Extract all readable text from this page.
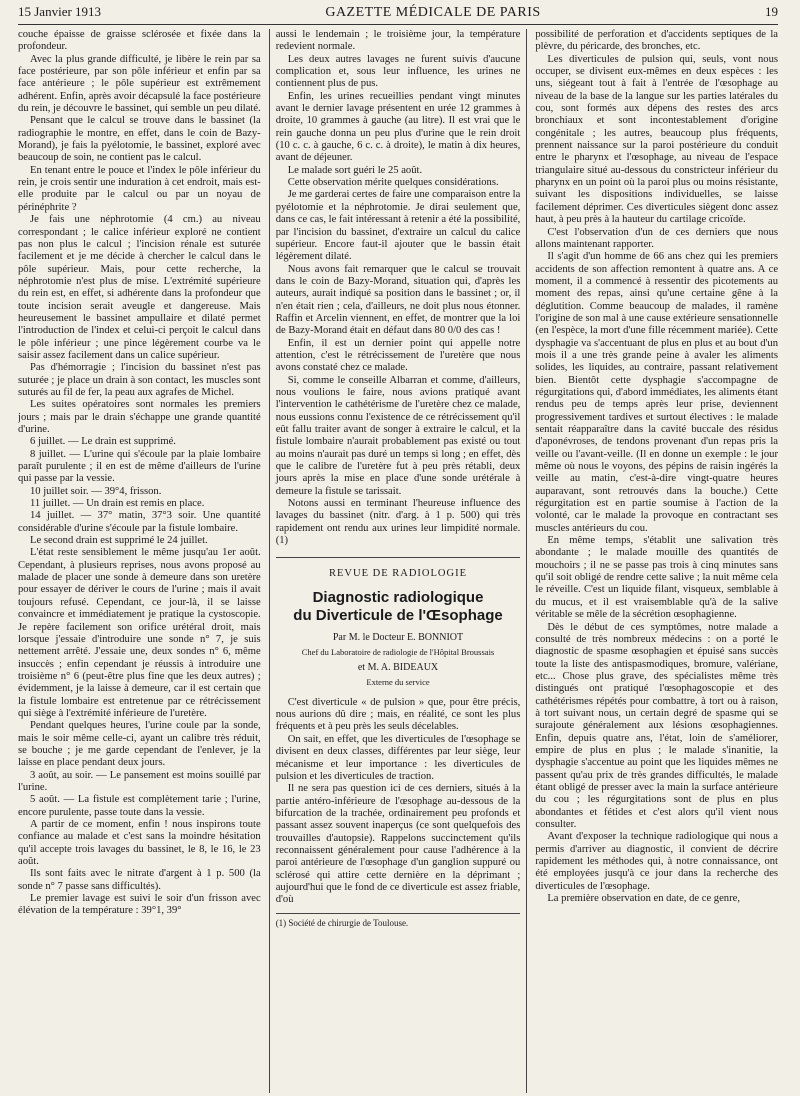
15 Janvier 1913	GAZETTE MÉDICALE DE PARIS	19

couche épaisse de graisse sclérosée et fixée dans la profondeur.

Avec la plus grande difficulté, je libère le rein par sa face postérieure, par son pôle inférieur et enfin par sa face antérieure ; le pôle supérieur est extrêmement adhérent. Enfin, après avoir décapsulé la face postérieure du rein, je découvre le bassinet, qui semble un peu dilaté.

Pensant que le calcul se trouve dans le bassinet (la radiographie le montre, en effet, dans le coin de Bazy-Morand), je fais la pyélotomie, le bassinet, exploré avec beaucoup de soin, ne contient pas le calcul.

En tenant entre le pouce et l'index le pôle inférieur du rein, je crois sentir une induration à cet endroit, mais est-elle produite par le calcul ou par un noyau de périnéphrite ?

Je fais une néphrotomie (4 cm.) au niveau correspondant ; le calice inférieur exploré ne contient pas non plus le calcul ; l'incision rénale est suturée facilement et je me décide à chercher le calcul dans le pôle supérieur. Mais, pour cette recherche, la néphrotomie n'est plus de mise. L'extrémité supérieure du rein est, en effet, si adhérente dans la profondeur que toute incision serait aveugle et dangereuse. Mais heureusement le bassinet ampullaire et dilaté permet l'introduction de l'index et celui-ci perçoit le calcul dans le pôle inférieur ; une pince légèrement courbe va le saisir assez facilement dans un calice supérieur.

Pas d'hémorragie ; l'incision du bassinet n'est pas suturée ; je place un drain à son contact, les muscles sont suturés au fil de fer, la peau aux agrafes de Michel.

Les suites opératoires sont normales les premiers jours ; mais par le drain s'échappe une grande quantité d'urine.

6 juillet. — Le drain est supprimé.

8 juillet. — L'urine qui s'écoule par la plaie lombaire paraît purulente ; il en est de même d'ailleurs de l'urine qui passe par la vessie.

10 juillet soir. — 39°4, frisson.

11 juillet. — Un drain est remis en place.

14 juillet. — 37° matin, 37°3 soir. Une quantité considérable d'urine s'écoule par la fistule lombaire.

Le second drain est supprimé le 24 juillet.

L'état reste sensiblement le même jusqu'au 1er août. Cependant, à plusieurs reprises, nous avons proposé au malade de placer une sonde à demeure dans son uretère pour essayer de dériver le cours de l'urine ; mais il avait toujours refusé. Cependant, ce jour-là, il se laisse convaincre et immédiatement je pratique la cystoscopie. Je repère facilement son orifice urétéral droit, mais lorsque j'essaie d'introduire une sonde n° 7, je suis nettement arrêté. J'essaie une, deux sondes n° 6, même insuccès ; enfin cependant je réussis à introduire une troisième n° 6 (peut-être plus fine que les deux autres) ; évidemment, je la laisse à demeure, car il est certain que la fistule lombaire est entretenue par ce rétrécissement qui siège à l'extrémité inférieure de l'uretère.

Pendant quelques heures, l'urine coule par la sonde, mais le soir même celle-ci, ayant un calibre très réduit, se bouche ; je me garde cependant de l'enlever, je la laisse en place pendant deux jours.

3 août, au soir. — Le pansement est moins souillé par l'urine.

5 août. — La fistule est complètement tarie ; l'urine, encore purulente, passe toute dans la vessie.

A partir de ce moment, enfin ! nous inspirons toute confiance au malade et c'est sans la moindre hésitation qu'il accepte trois lavages du bassinet, le 8, le 16, le 23 août.

Ils sont faits avec le nitrate d'argent à 1 p. 500 (la sonde n° 7 passe sans difficultés).

Le premier lavage est suivi le soir d'un frisson avec élévation de la température : 39°1, 39°

aussi le lendemain ; le troisième jour, la température redevient normale.

Les deux autres lavages ne furent suivis d'aucune complication et, sous leur influence, les urines ne contiennent plus de pus.

Enfin, les urines recueillies pendant vingt minutes avant le dernier lavage présentent en urée 12 grammes à droite, 10 grammes à gauche (au litre). Il est vrai que le rein gauche donna un peu plus d'urine que le rein droit (10 c. c. à gauche, 6 c. c. à droite), le matin à dix heures, avant de déjeuner.

Le malade sort guéri le 25 août.

Cette observation mérite quelques considérations.

Je me garderai certes de faire une comparaison entre la pyélotomie et la néphrotomie. Je dirai seulement que, dans ce cas, le fait intéressant à retenir a été la possibilité, par l'incision du bassinet, d'extraire un calcul du calice supérieur. Encore faut-il ajouter que le bassin était légèrement dilaté.

Nous avons fait remarquer que le calcul se trouvait dans le coin de Bazy-Morand, situation qui, d'après les auteurs, aurait indiqué sa position dans le bassinet ; or, il n'en était rien ; cela, d'ailleurs, ne doit plus nous étonner. Raffin et Arcelin viennent, en effet, de montrer que la loi de Bazy-Morand était en défaut dans 80 0/0 des cas !

Enfin, il est un dernier point qui appelle notre attention, c'est le rétrécissement de l'uretère que nous avons constaté chez ce malade.

Si, comme le conseille Albarran et comme, d'ailleurs, nous voulions le faire, nous avions pratiqué avant l'intervention le cathétérisme de l'uretère chez ce malade, nous eussions connu l'existence de ce rétrécissement qu'il eût fallu traiter avant de songer à extraire le calcul, et la fistule lombaire n'aurait probablement pas existé ou tout au moins n'aurait pas duré un temps si long ; en effet, dès que le calibre de l'uretère fut à peu près rétabli, deux jours après la mise en place d'une sonde urétérale à demeure la fistule se tarissait.

Notons aussi en terminant l'heureuse influence des lavages du bassinet (nitr. d'arg. à 1 p. 500) qui très rapidement ont rendu aux urines leur limpidité normale. (1)

REVUE DE RADIOLOGIE
Diagnostic radiologique
du Diverticule de l'Œsophage
Par M. le Docteur E. BONNIOT
Chef du Laboratoire de radiologie de l'Hôpital Broussais
et M. A. BIDEAUX
Externe du service

C'est diverticule « de pulsion » que, pour être précis, nous aurions dû dire ; mais, en réalité, ce sont les plus fréquents et à peu près les seuls décelables.

On sait, en effet, que les diverticules de l'œsophage se divisent en deux classes, différentes par leur siège, leur mécanisme et leur importance : les diverticules de pulsion et les diverticules de traction.

Il ne sera pas question ici de ces derniers, situés à la partie antéro-inférieure de l'œsophage au-dessous de la bifurcation de la trachée, ordinairement peu profonds et passant assez souvent inaperçus (ce sont quelquefois des trouvailles d'autopsie). Rappelons succinctement qu'ils reconnaissent généralement pour cause l'adhérence à la paroi antérieure de l'œsophage d'un ganglion suppuré ou sclérosé qui attire cette dernière en la déprimant ; aujourd'hui que le fond de ce diverticule est assez friable, d'où

(1) Société de chirurgie de Toulouse.

possibilité de perforation et d'accidents septiques de la plèvre, du péricarde, des bronches, etc.

Les diverticules de pulsion qui, seuls, vont nous occuper, se divisent eux-mêmes en deux espèces : les uns, siégeant tout à fait à l'entrée de l'œsophage au niveau de la base de la langue sur les parties latérales du cou, sont formés aux dépens des restes des arcs bronchiaux et sont incontestablement d'origine congénitale ; les autres, beaucoup plus fréquents, prennent naissance sur la paroi postérieure du conduit entre le pharynx et l'œsophage, au niveau de l'espace triangulaire situé au-dessous du constricteur inférieur du pharynx en un point où la paroi plus ou moins résistante, suivant les dispositions individuelles, se laisse facilement déprimer. Ces diverticules siègent donc assez haut, à peu près à la hauteur du cartilage cricoïde.

C'est l'observation d'un de ces derniers que nous allons maintenant rapporter.

Il s'agit d'un homme de 66 ans chez qui les premiers accidents de son affection remontent à quatre ans. A ce moment, il a commencé à ressentir des picotements au moment des repas, ainsi qu'une certaine gêne à la déglutition. Comme beaucoup de malades, il ramène l'origine de son mal à une cause extérieure sensationnelle (en l'espèce, la mort d'une fille récemment mariée). Cette dysphagie va s'accentuant de plus en plus et au bout d'un mois il a une très grande peine à avaler les aliments solides, les liquides, au contraire, passant relativement bien. Bientôt cette dysphagie s'accompagne de régurgitations qui, d'abord immédiates, les aliments étant rendus peu de temps après leur prise, deviennent progressivement tardives et surtout électives : le malade sentait réapparaître dans la cavité buccale des résidus d'aponévroses, de tendons provenant d'un repas pris la veille ou l'avant-veille. (Il en donne un exemple : le jour même où nous le voyons, des pépins de raisin ingérés la veille au matin, c'est-à-dire vingt-quatre heures auparavant, sont retrouvés dans la bouche.) Cette régurgitation est en partie soumise à l'action de la volonté, car le malade la provoque en contractant ses muscles antérieurs du cou.

En même temps, s'établit une salivation très abondante ; le malade mouille des quantités de mouchoirs ; il ne se passe pas trois à cinq minutes sans qu'il soit obligé de rendre cette salive ; la nuit même cela le réveille. C'est un liquide filant, visqueux, semblable à du mucus, et il est vraisemblable qu'à de la salive véritable se mêle de la sécrétion œsophagienne.

Dès le début de ces symptômes, notre malade a consulté de très nombreux médecins : on a porté le diagnostic de spasme œsophagien et épuisé sans succès toute la liste des antispasmodiques, bromure, valériane, etc... Chose plus grave, des spécialistes même très distingués ont pratiqué l'œsophagoscopie et des cathétérismes répétés pour combattre, à tort ou à raison, à tort suivant nous, un certain degré de spasme qui se surajoute généralement aux lésions œsophagiennes. Enfin, depuis quatre ans, l'état, loin de s'améliorer, empire de plus en plus ; le malade s'inanitie, la dysphagie s'accentue au point que les liquides mêmes ne passent qu'au prix de très grandes difficultés, le malade étant obligé de presser avec la main la surface antérieure du cou ; les régurgitations sont de plus en plus abondantes et fétides et c'est alors qu'il vient nous consulter.

Avant d'exposer la technique radiologique qui nous a permis d'arriver au diagnostic, il convient de décrire rapidement les méthodes qui, à notre connaissance, ont été employées jusqu'à ce jour dans la recherche des diverticules de l'œsophage.

La première observation en date, de ce genre,
